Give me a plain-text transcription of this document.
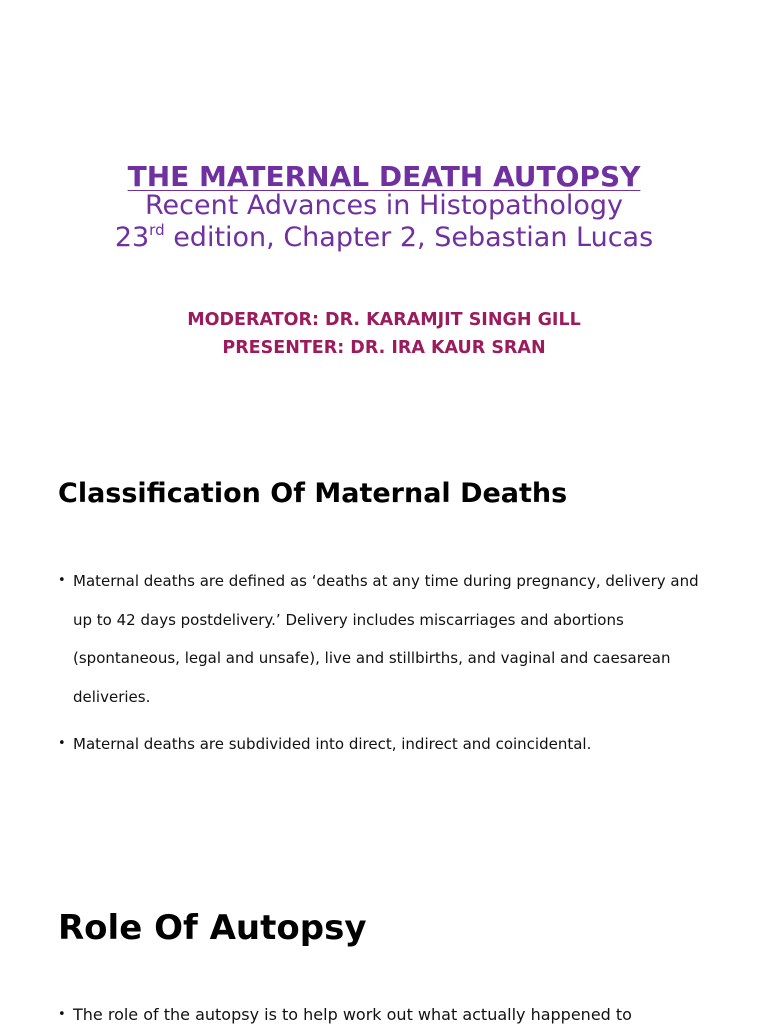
THE MATERNAL DEATH AUTOPSY

Recent Advances in Histopathology
23rd edition, Chapter 2, Sebastian Lucas

MODERATOR: DR. KARAMJIT SINGH GILL
PRESENTER: DR. IRA KAUR SRAN
Classification Of Maternal Deaths
• Maternal deaths are defined as ‘deaths at any time during pregnancy, delivery and up to 42 days postdelivery.’ Delivery includes miscarriages and abortions (spontaneous, legal and unsafe), live and stillbirths, and vaginal and caesarean deliveries.
• Maternal deaths are subdivided into direct, indirect and coincidental.
Role Of Autopsy
• The role of the autopsy is to help work out what actually happened to
